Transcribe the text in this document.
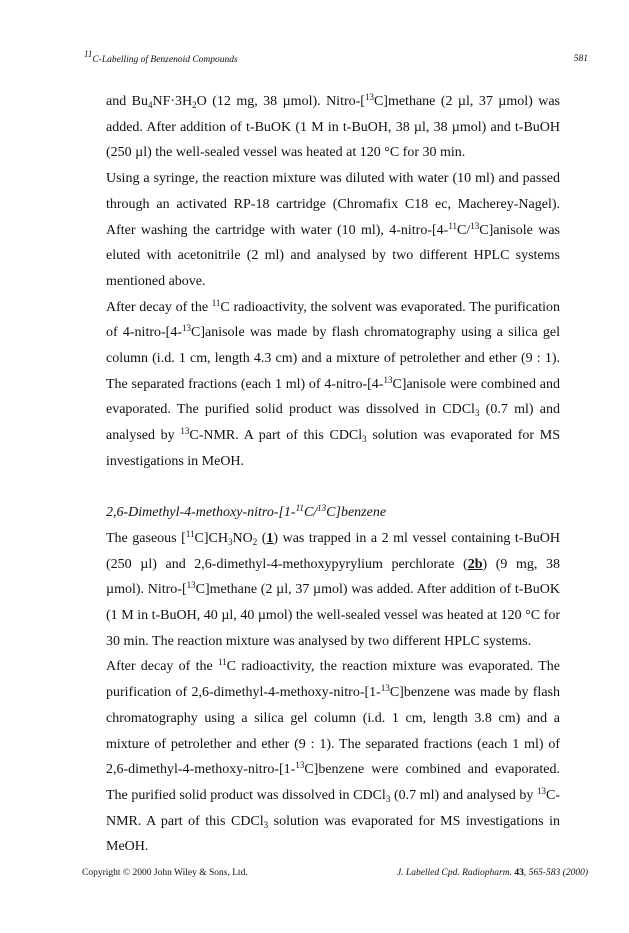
$^{11}$C-Labelling of Benzenoid Compounds	581

and $Bu_4NF\cdot 3H_2O$ (12 mg, 38 µmol). Nitro-[$^{13}$C]methane (2 µl, 37 µmol) was added. After addition of t-BuOK (1 M in t-BuOH, 38 µl, 38 µmol) and t-BuOH (250 µl) the well-sealed vessel was heated at 120 °C for 30 min.

Using a syringe, the reaction mixture was diluted with water (10 ml) and passed through an activated RP-18 cartridge (Chromafix C18 ec, Macherey-Nagel). After washing the cartridge with water (10 ml), 4-nitro-[4-$^{11}$C/$^{13}$C]anisole was eluted with acetonitrile (2 ml) and analysed by two different HPLC systems mentioned above.

After decay of the $^{11}$C radioactivity, the solvent was evaporated. The purification of 4-nitro-[4-$^{13}$C]anisole was made by flash chromatography using a silica gel column (i.d. 1 cm, length 4.3 cm) and a mixture of petrolether and ether (9 : 1). The separated fractions (each 1 ml) of 4-nitro-[4-$^{13}$C]anisole were combined and evaporated. The purified solid product was dissolved in CDCl$_3$ (0.7 ml) and analysed by $^{13}$C-NMR. A part of this CDCl$_3$ solution was evaporated for MS investigations in MeOH.

2,6-Dimethyl-4-methoxy-nitro-[1-$^{11}$C/$^{13}$C]benzene

The gaseous $[^{11}C]CH_3NO_2$ (1) was trapped in a 2 ml vessel containing t-BuOH (250 µl) and 2,6-dimethyl-4-methoxypyrylium perchlorate (2b) (9 mg, 38 µmol). Nitro-[$^{13}$C]methane (2 µl, 37 µmol) was added. After addition of t-BuOK (1 M in t-BuOH, 40 µl, 40 µmol) the well-sealed vessel was heated at 120 °C for 30 min. The reaction mixture was analysed by two different HPLC systems.

After decay of the $^{11}$C radioactivity, the reaction mixture was evaporated. The purification of 2,6-dimethyl-4-methoxy-nitro-[1-$^{13}$C]benzene was made by flash chromatography using a silica gel column (i.d. 1 cm, length 3.8 cm) and a mixture of petrolether and ether (9 : 1). The separated fractions (each 1 ml) of 2,6-dimethyl-4-methoxy-nitro-[1-$^{13}$C]benzene were combined and evaporated. The purified solid product was dissolved in CDCl$_3$ (0.7 ml) and analysed by $^{13}$C-NMR. A part of this CDCl$_3$ solution was evaporated for MS investigations in MeOH.

Copyright © 2000 John Wiley & Sons, Ltd.	J. Labelled Cpd. Radiopharm. 43, 565-583 (2000)
